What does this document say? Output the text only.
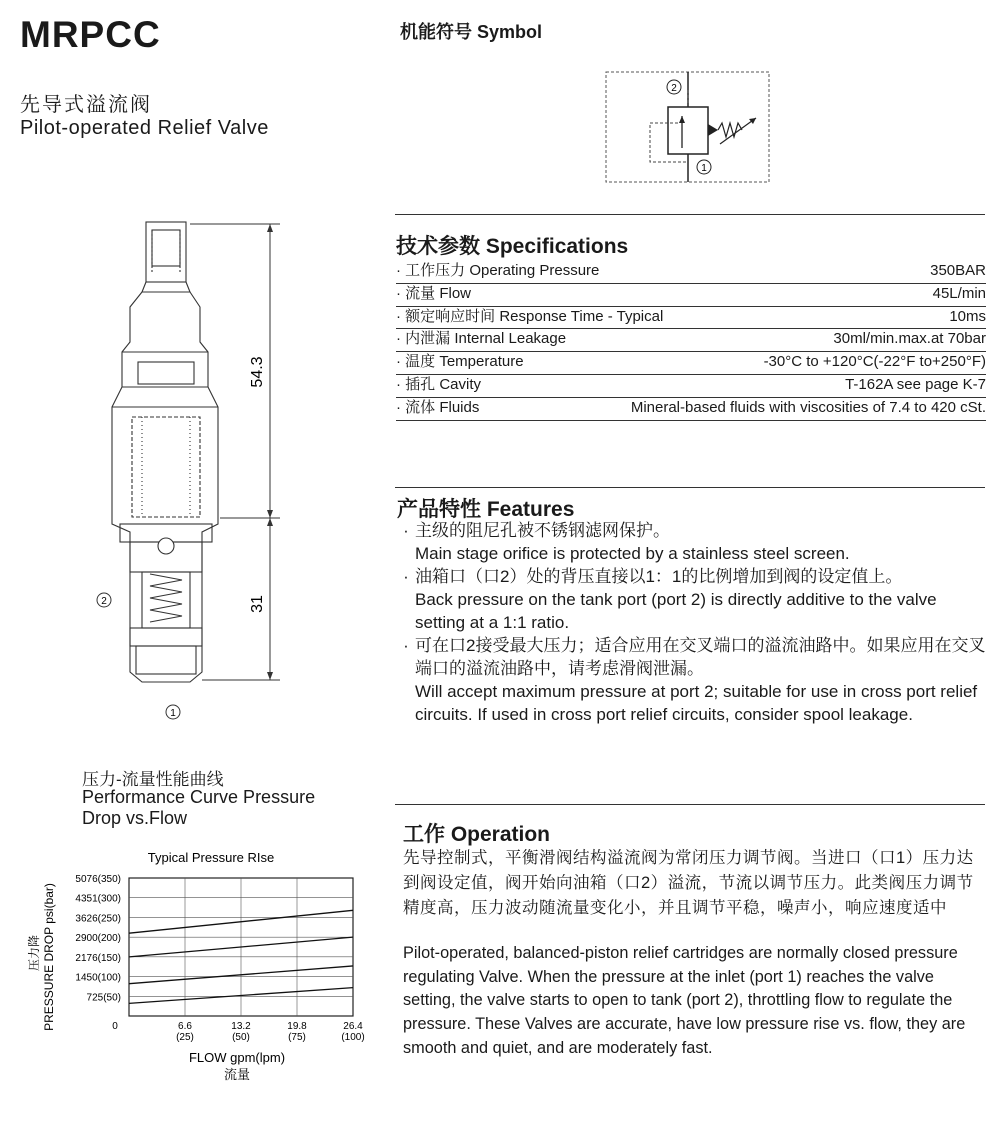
MRPCC
先导式溢流阀
Pilot-operated Relief Valve
机能符号 Symbol
2
1
2
1
54.3
31
技术参数 Specifications
· 工作压力 Operating Pressure	350BAR
· 流量 Flow	45L/min
· 额定响应时间 Response Time - Typical	10ms
· 内泄漏 Internal Leakage	30ml/min.max.at 70bar
· 温度 Temperature	-30°C to +120°C(-22°F to+250°F)
· 插孔 Cavity	T-162A see page K-7
· 流体 Fluids	Mineral-based fluids with viscosities of 7.4 to 420 cSt.
产品特性 Features
· 主级的阻尼孔被不锈钢滤网保护。
Main stage orifice is protected by a stainless steel screen.
· 油箱口（口2）处的背压直接以1：1的比例增加到阀的设定值上。
Back pressure on the tank port (port 2) is directly additive to the valve setting at a 1:1 ratio.
· 可在口2接受最大压力；适合应用在交叉端口的溢流油路中。如果应用在交叉端口的溢流油路中，请考虑滑阀泄漏。
Will accept maximum pressure at port 2; suitable for use in cross port relief circuits. If used in cross port relief circuits, consider spool leakage.
工作 Operation
先导控制式，平衡滑阀结构溢流阀为常闭压力调节阀。当进口（口1）压力达到阀设定值，阀开始向油箱（口2）溢流，节流以调节压力。此类阀压力调节精度高，压力波动随流量变化小，并且调节平稳，噪声小，响应速度适中
Pilot-operated, balanced-piston relief cartridges are normally closed pressure regulating Valve. When the pressure at the inlet (port 1) reaches the valve setting, the valve starts to open to tank (port 2), throttling flow to regulate the pressure. These Valves are accurate, have low pressure rise vs. flow, they are smooth and quiet, and are moderately fast.
压力-流量性能曲线
Performance Curve Pressure
Drop vs.Flow
Typical Pressure RIse
PRESSURE DROP psi(bar)
压力降
FLOW gpm(lpm)
流量
725(50)
1450(100)
2176(150)
2900(200)
3626(250)
4351(300)
5076(350)
0	6.6
(25)
13.2
(50)
19.8
(75)
26.4
(100)
